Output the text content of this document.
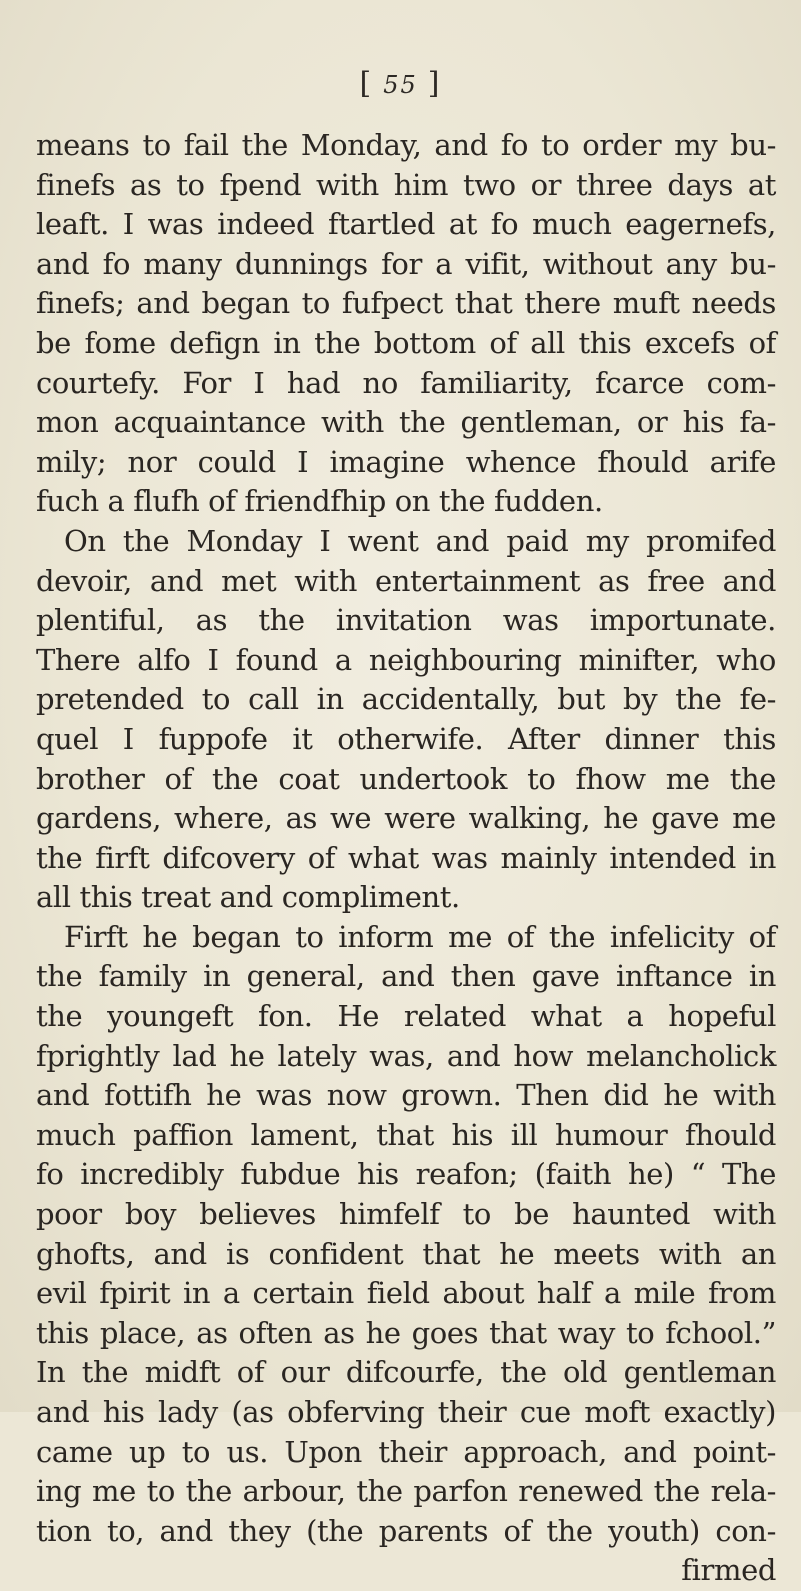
[ 55 ]
means to fail the Monday, and fo to order my bu-
finefs as to fpend with him two or three days at
leaft. I was indeed ftartled at fo much eagernefs,
and fo many dunnings for a vifit, without any bu-
finefs; and began to fufpect that there muft needs
be fome defign in the bottom of all this excefs of
courtefy. For I had no familiarity, fcarce com-
mon acquaintance with the gentleman, or his fa-
mily; nor could I imagine whence fhould arife
fuch a flufh of friendfhip on the fudden.
On the Monday I went and paid my promifed
devoir, and met with entertainment as free and
plentiful, as the invitation was importunate.
There alfo I found a neighbouring minifter, who
pretended to call in accidentally, but by the fe-
quel I fuppofe it otherwife. After dinner this
brother of the coat undertook to fhow me the
gardens, where, as we were walking, he gave me
the firft difcovery of what was mainly intended in
all this treat and compliment.
Firft he began to inform me of the infelicity of
the family in general, and then gave inftance in
the youngeft fon. He related what a hopeful
fprightly lad he lately was, and how melancholick
and fottifh he was now grown. Then did he with
much paffion lament, that his ill humour fhould
fo incredibly fubdue his reafon; (faith he) “ The
poor boy believes himfelf to be haunted with
ghofts, and is confident that he meets with an
evil fpirit in a certain field about half a mile from
this place, as often as he goes that way to fchool.”
In the midft of our difcourfe, the old gentleman
and his lady (as obferving their cue moft exactly)
came up to us. Upon their approach, and point-
ing me to the arbour, the parfon renewed the rela-
tion to, and they (the parents of the youth) con-
firmed
